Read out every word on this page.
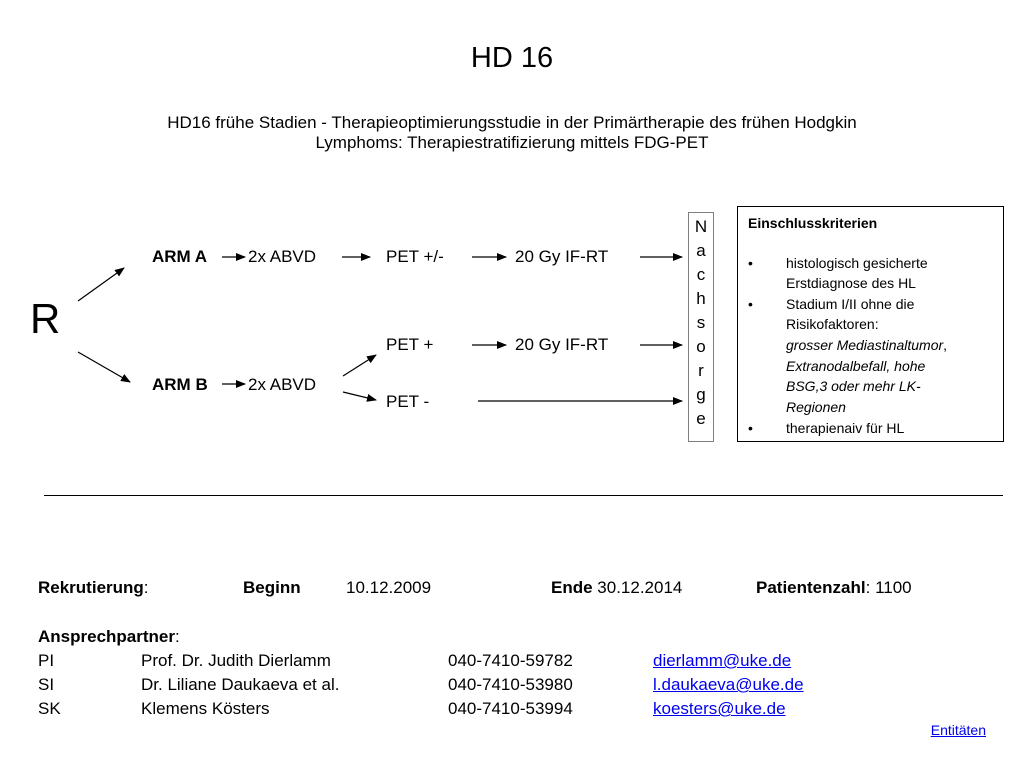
HD 16
HD16 frühe Stadien - Therapieoptimierungsstudie in der Primärtherapie des frühen Hodgkin
Lymphoms: Therapiestratifizierung mittels FDG-PET
R
ARM A 2x ABVD	PET +/-	20 Gy IF-RT
ARM B 2x ABVD
PET +	20 Gy IF-RT
PET -
N
a
c
h
s
o
r
g
e
Einschlusskriterien
• histologisch gesicherte
Erstdiagnose des HL
• Stadium I/II ohne die
Risikofaktoren:
grosser Mediastinaltumor,
Extranodalbefall, hohe
BSG,3 oder mehr LK-
Regionen
• therapienaiv für HL
Rekrutierung:	Beginn	10.12.2009	Ende 30.12.2014	Patientenzahl: 1100
Ansprechpartner:
PI	Prof. Dr. Judith Dierlamm	040-7410-59782	dierlamm@uke.de
SI	Dr. Liliane Daukaeva et al.	040-7410-53980	l.daukaeva@uke.de
SK	Klemens Kösters	040-7410-53994	koesters@uke.de
Entitäten
